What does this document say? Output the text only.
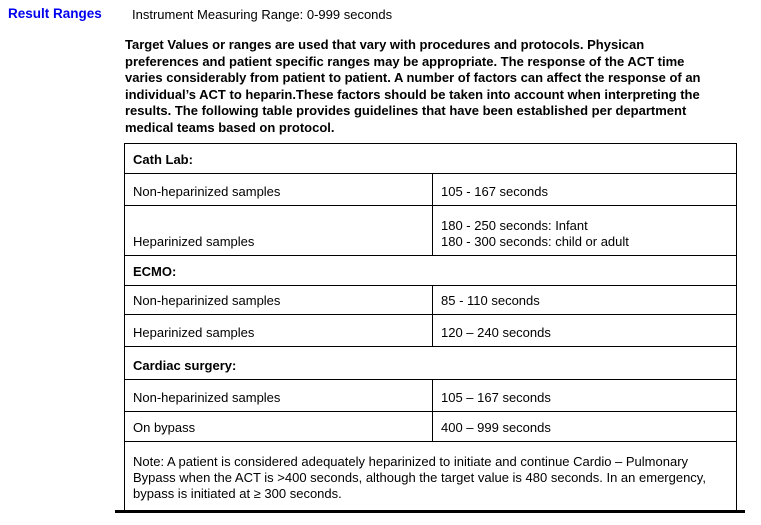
Result Ranges Instrument Measuring Range: 0-999 seconds
Target Values or ranges are used that vary with procedures and protocols. Physican
preferences and patient specific ranges may be appropriate. The response of the ACT time
varies considerably from patient to patient. A number of factors can affect the response of an
individual’s ACT to heparin.These factors should be taken into account when interpreting the
results. The following table provides guidelines that have been established per department
medical teams based on protocol.
Cath Lab:	
Non-heparinized samples	105 - 167 seconds
Heparinized samples	180 - 250 seconds: Infant
180 - 300 seconds: child or adult

ECMO:	
Non-heparinized samples	85 - 110 seconds
Heparinized samples	120 – 240 seconds
Cardiac surgery:	
Non-heparinized samples	105 – 167 seconds
On bypass	400 – 999 seconds

Note: A patient is considered adequately heparinized to initiate and continue Cardio – Pulmonary
Bypass when the ACT is >400 seconds, although the target value is 480 seconds. In an emergency,
bypass is initiated at ≥ 300 seconds.	
